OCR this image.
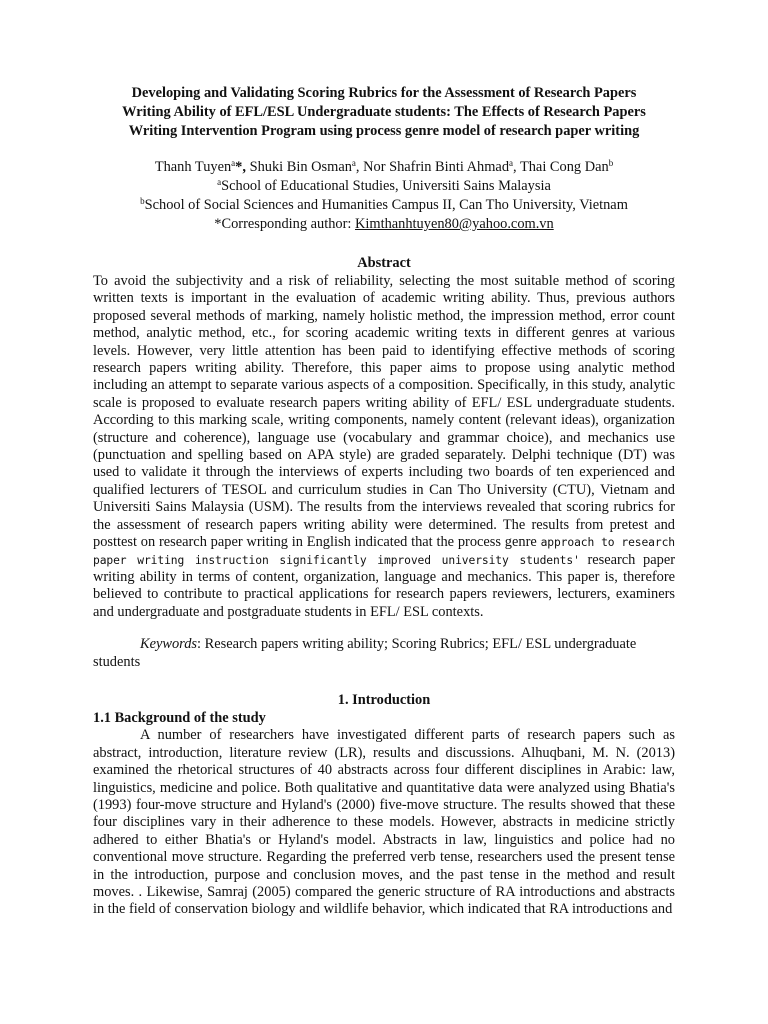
Developing and Validating Scoring Rubrics for the Assessment of Research Papers

Writing Ability of EFL/ESL Undergraduate students: The Effects of Research Papers

Writing Intervention Program using process genre model of research paper writing

Thanh Tuyen$^a$*, Shuki Bin Osman$^a$, Nor Shafrin Binti Ahmad$^a$, Thai Cong Dan$^b$

$^a$School of Educational Studies, Universiti Sains Malaysia

$^b$School of Social Sciences and Humanities Campus II, Can Tho University, Vietnam

*Corresponding author: Kimthanhtuyen80@yahoo.com.vn

Abstract

To avoid the subjectivity and a risk of reliability, selecting the most suitable method of scoring written texts is important in the evaluation of academic writing ability. Thus, previous authors proposed several methods of marking, namely holistic method, the impression method, error count method, analytic method, etc., for scoring academic writing texts in different genres at various levels. However, very little attention has been paid to identifying effective methods of scoring research papers writing ability. Therefore, this paper aims to propose using analytic method including an attempt to separate various aspects of a composition. Specifically, in this study, analytic scale is proposed to evaluate research papers writing ability of EFL/ ESL undergraduate students. According to this marking scale, writing components, namely content (relevant ideas), organization (structure and coherence), language use (vocabulary and grammar choice), and mechanics use (punctuation and spelling based on APA style) are graded separately. Delphi technique (DT) was used to validate it through the interviews of experts including two boards of ten experienced and qualified lecturers of TESOL and curriculum studies in Can Tho University (CTU), Vietnam and Universiti Sains Malaysia (USM). The results from the interviews revealed that scoring rubrics for the assessment of research papers writing ability were determined. The results from pretest and posttest on research paper writing in English indicated that the process genre approach to research paper writing instruction significantly improved university students' research paper writing ability in terms of content, organization, language and mechanics. This paper is, therefore believed to contribute to practical applications for research papers reviewers, lecturers, examiners and undergraduate and postgraduate students in EFL/ ESL contexts.

Keywords: Research papers writing ability; Scoring Rubrics; EFL/ ESL undergraduate students

1. Introduction

1.1 Background of the study

A number of researchers have investigated different parts of research papers such as abstract, introduction, literature review (LR), results and discussions. Alhuqbani, M. N. (2013) examined the rhetorical structures of 40 abstracts across four different disciplines in Arabic: law, linguistics, medicine and police. Both qualitative and quantitative data were analyzed using Bhatia's (1993) four-move structure and Hyland's (2000) five-move structure. The results showed that these four disciplines vary in their adherence to these models. However, abstracts in medicine strictly adhered to either Bhatia's or Hyland's model. Abstracts in law, linguistics and police had no conventional move structure. Regarding the preferred verb tense, researchers used the present tense in the introduction, purpose and conclusion moves, and the past tense in the method and result moves. . Likewise, Samraj (2005) compared the generic structure of RA introductions and abstracts in the field of conservation biology and wildlife behavior, which indicated that RA introductions and
